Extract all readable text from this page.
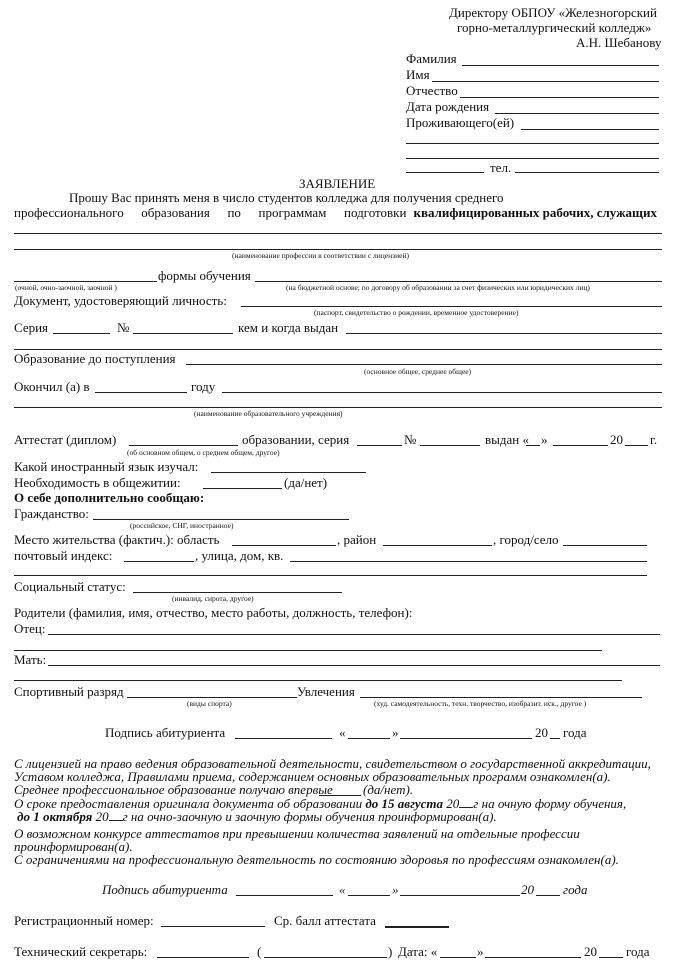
Директору ОБПОУ «Железногорский
горно-металлургический колледж»
А.Н. Шебанову
Фамилия
Имя
Отчество
Дата рождения
Проживающего(ей)
тел.
ЗАЯВЛЕНИЕ
Прошу Вас принять меня в число студентов колледжа для получения среднего
профессионального образования по программам подготовки квалифицированных рабочих, служащих
(наименование профессии в соответствии с лицензией)
формы обучения
(очной, очно-заочной, заочной )	(на бюджетной основе; по договору об образовании за счет физических или юридических лиц)
Документ, удостоверяющий личность:
(паспорт, свидетельство о рождении, временное удостоверение)
Серия	№	кем и когда выдан
Образование до поступления
(основное общее, среднее общее)
Окончил (а) в	году
(наименование образовательного учреждения)
Аттестат (диплом)	образовании, серия	№	выдан « »	20 г.
(об основном общем, о среднем общем, другое)
Какой иностранный язык изучал:
Необходимость в общежитии:	(да/нет)
О себе дополнительно сообщаю:
Гражданство:
(российское, СНГ, иностранное)
Место жительства (фактич.): область	, район	, город/село
почтовый индекс:	, улица, дом, кв.
Социальный статус:
(инвалид, сирота, другое)
Родители (фамилия, имя, отчество, место работы, должность, телефон):
Отец:
Мать:
Спортивный разряд	Увлечения
(виды спорта)	(худ. самодеятельность, техн. творчество, изобразит. иск., другое )
Подпись абитуриента	«	»	20 года
С лицензией на право ведения образовательной деятельности, свидетельством о государственной аккредитации,
Уставом колледжа, Правилами приема, содержанием основных образовательных программ ознакомлен(а).
Среднее профессиональное образование получаю впервые (да/нет).
О сроке предоставления оригинала документа об образовании до 15 августа 20 г на очную форму обучения,
до 1 октября 20 г на очно-заочную и заочную формы обучения проинформирован(а).
О возможном конкурсе аттестатов при превышении количества заявлений на отдельные профессии
проинформирован(а).
С ограничениями на профессиональную деятельность по состоянию здоровья по профессиям ознакомлен(а).
Подпись абитуриента	«	»	20 года
Регистрационный номер:	Ср. балл аттестата
Технический секретарь:	(	) Дата: «	»	20 года
